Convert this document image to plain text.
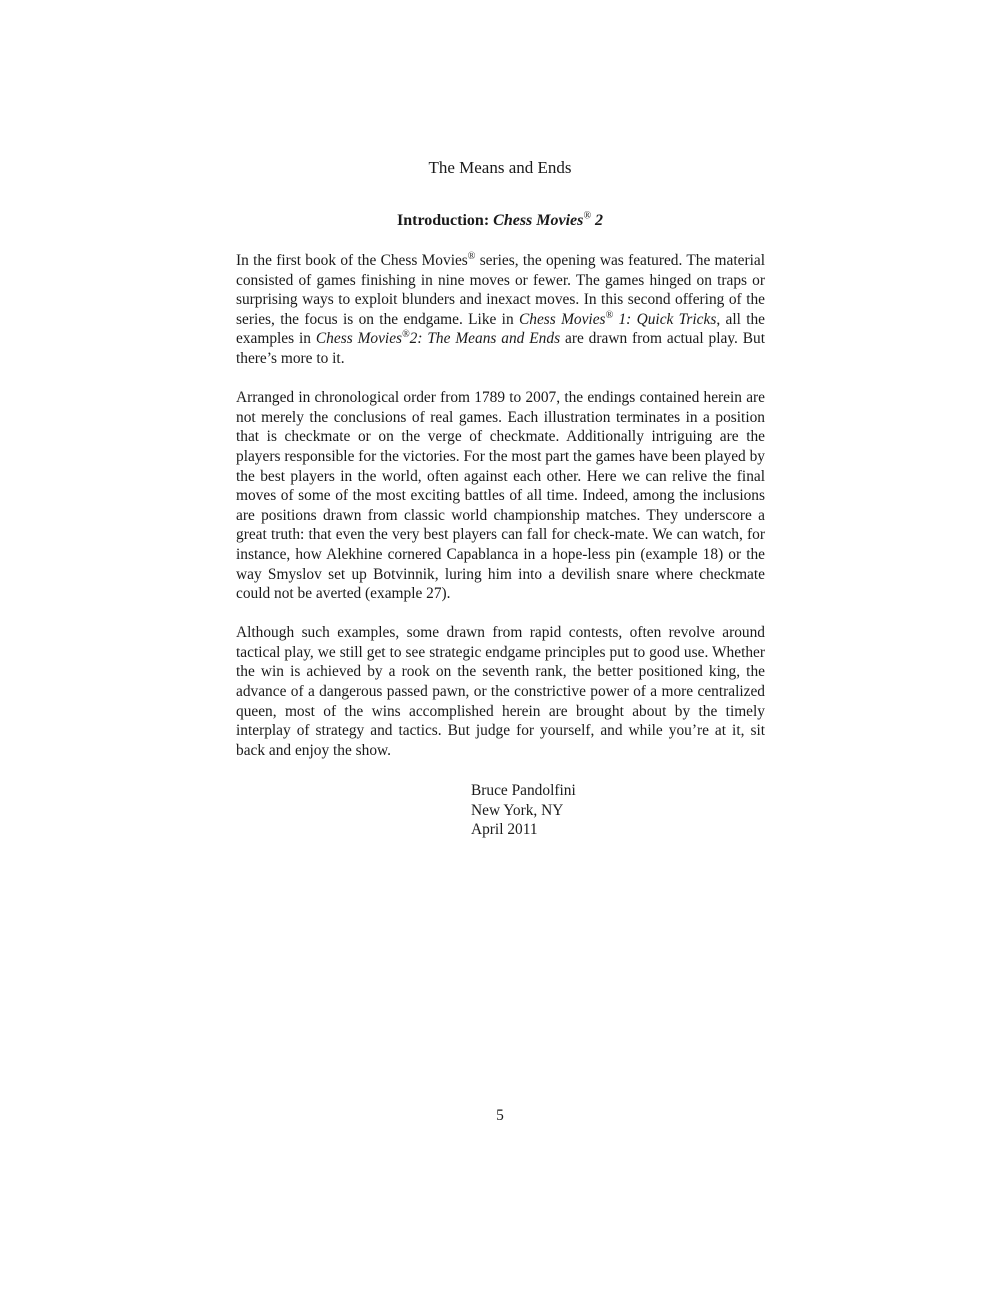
The Means and Ends
Introduction: Chess Movies® 2

In the first book of the Chess Movies® series, the opening was featured. The material consisted of games finishing in nine moves or fewer. The games hinged on traps or surprising ways to exploit blunders and inexact moves. In this second offering of the series, the focus is on the endgame. Like in Chess Movies® 1: Quick Tricks, all the examples in Chess Movies®2: The Means and Ends are drawn from actual play. But there’s more to it.

Arranged in chronological order from 1789 to 2007, the endings contained herein are not merely the conclusions of real games. Each illustration terminates in a position that is checkmate or on the verge of checkmate. Additionally intriguing are the players responsible for the victories. For the most part the games have been played by the best players in the world, often against each other. Here we can relive the final moves of some of the most exciting battles of all time. Indeed, among the inclusions are positions drawn from classic world championship matches. They underscore a great truth: that even the very best players can fall for check-mate. We can watch, for instance, how Alekhine cornered Capablanca in a hope-less pin (example 18) or the way Smyslov set up Botvinnik, luring him into a devilish snare where checkmate could not be averted (example 27).

Although such examples, some drawn from rapid contests, often revolve around tactical play, we still get to see strategic endgame principles put to good use. Whether the win is achieved by a rook on the seventh rank, the better positioned king, the advance of a dangerous passed pawn, or the constrictive power of a more centralized queen, most of the wins accomplished herein are brought about by the timely interplay of strategy and tactics. But judge for yourself, and while you’re at it, sit back and enjoy the show.

Bruce Pandolfini
New York, NY
April 2011
5
